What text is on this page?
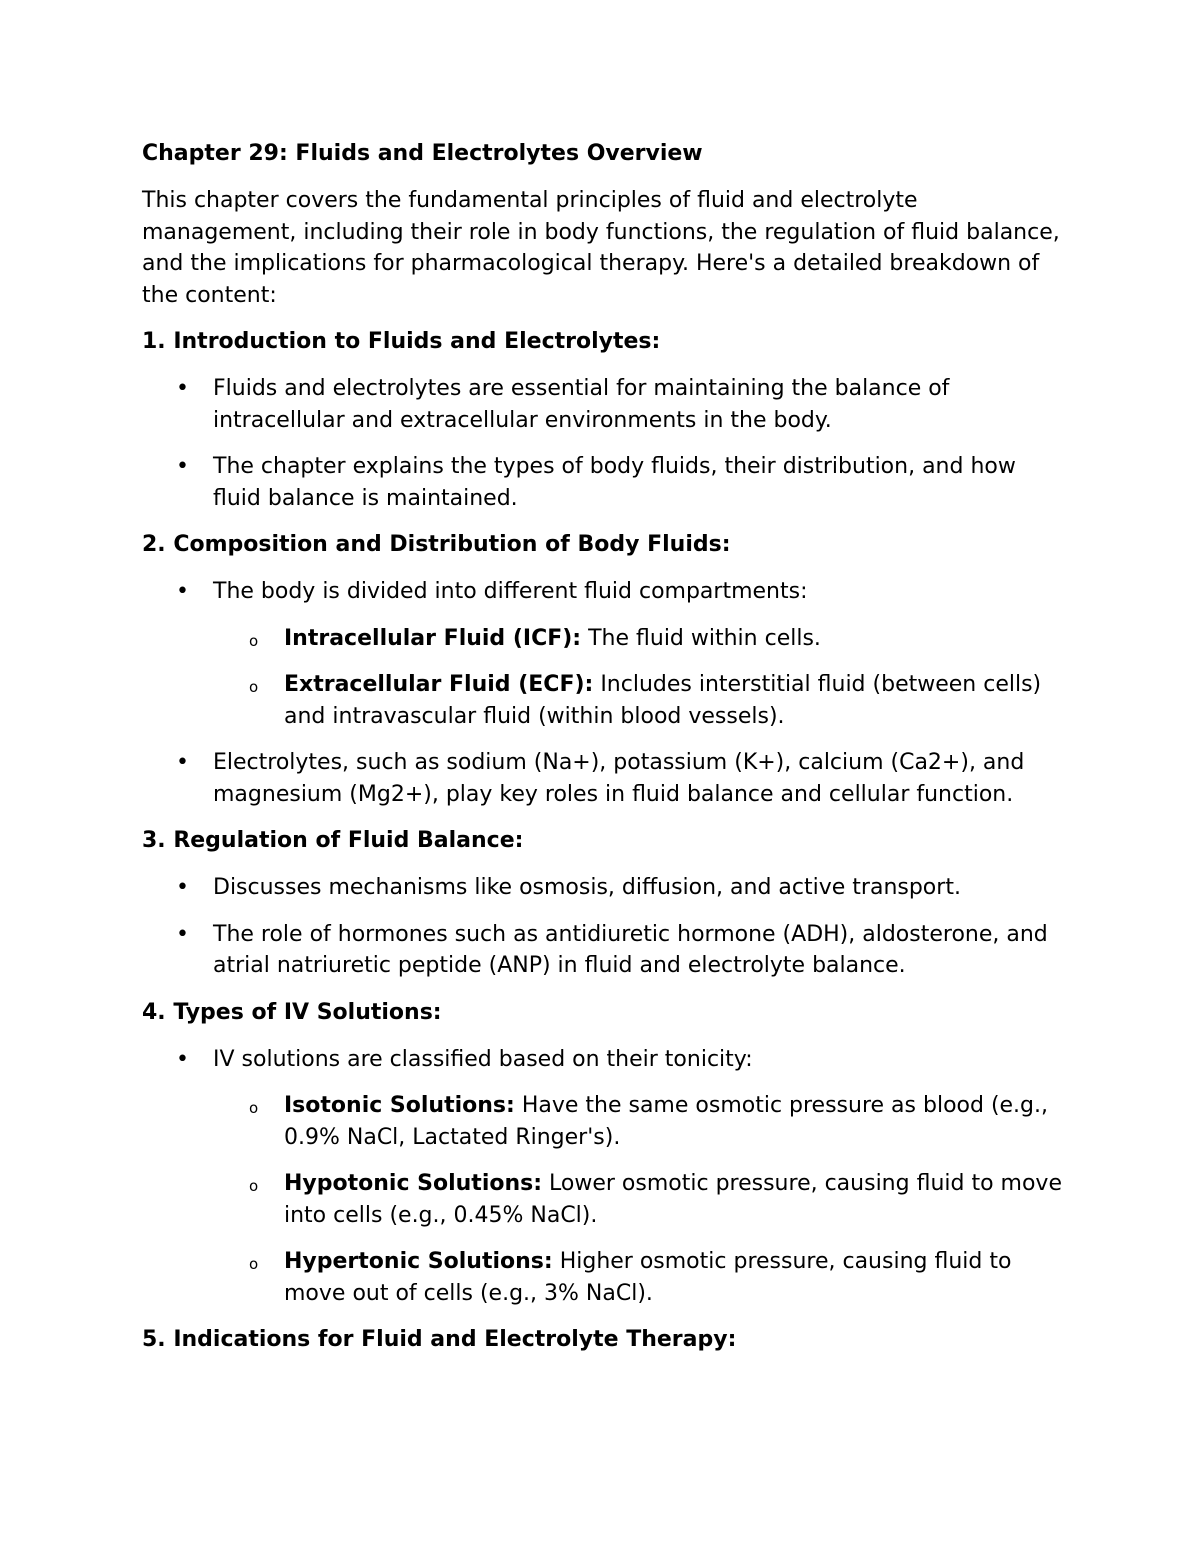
Chapter 29: Fluids and Electrolytes Overview

This chapter covers the fundamental principles of fluid and electrolyte management, including their role in body functions, the regulation of fluid balance, and the implications for pharmacological therapy. Here's a detailed breakdown of the content:

1. Introduction to Fluids and Electrolytes:
• Fluids and electrolytes are essential for maintaining the balance of intracellular and extracellular environments in the body.
• The chapter explains the types of body fluids, their distribution, and how fluid balance is maintained.
2. Composition and Distribution of Body Fluids:
• The body is divided into different fluid compartments:
o Intracellular Fluid (ICF): The fluid within cells.
o Extracellular Fluid (ECF): Includes interstitial fluid (between cells) and intravascular fluid (within blood vessels).
• Electrolytes, such as sodium (Na+), potassium (K+), calcium (Ca2+), and magnesium (Mg2+), play key roles in fluid balance and cellular function.
3. Regulation of Fluid Balance:
• Discusses mechanisms like osmosis, diffusion, and active transport.
• The role of hormones such as antidiuretic hormone (ADH), aldosterone, and atrial natriuretic peptide (ANP) in fluid and electrolyte balance.
4. Types of IV Solutions:
• IV solutions are classified based on their tonicity:
o Isotonic Solutions: Have the same osmotic pressure as blood (e.g., 0.9% NaCl, Lactated Ringer's).
o Hypotonic Solutions: Lower osmotic pressure, causing fluid to move into cells (e.g., 0.45% NaCl).
o Hypertonic Solutions: Higher osmotic pressure, causing fluid to move out of cells (e.g., 3% NaCl).
5. Indications for Fluid and Electrolyte Therapy:
